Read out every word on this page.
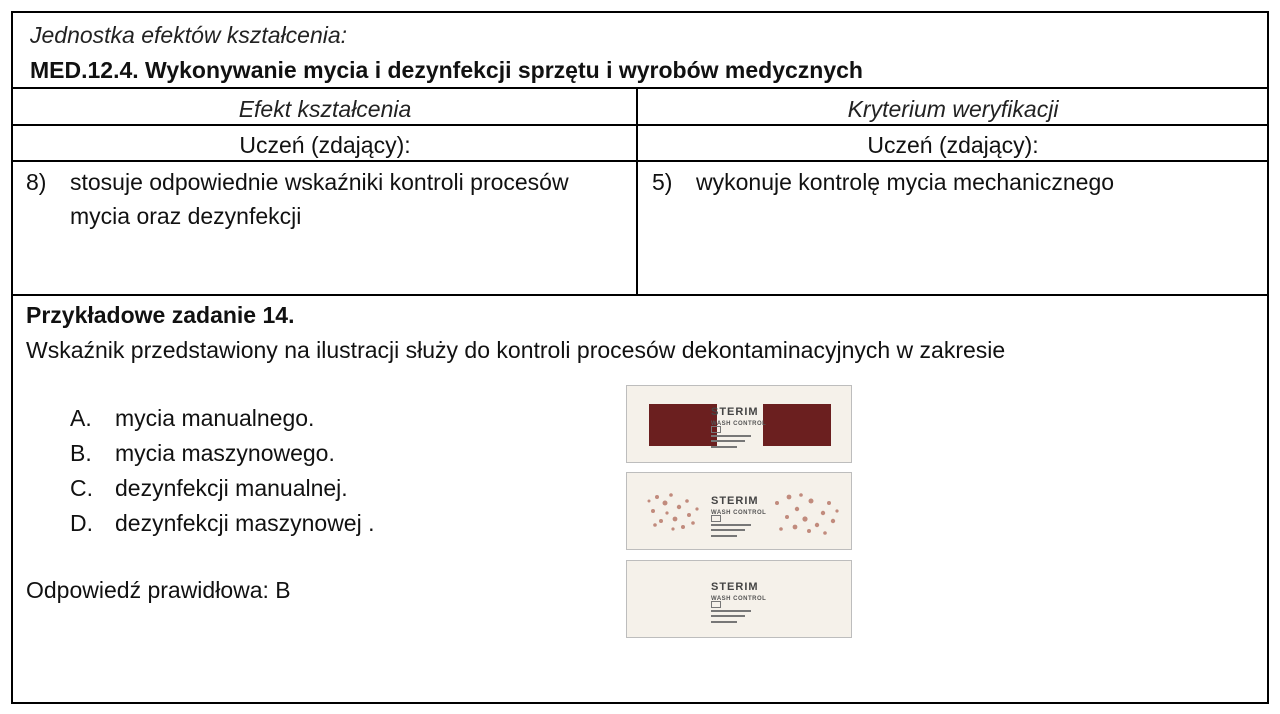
Jednostka efektów kształcenia:
MED.12.4. Wykonywanie mycia i dezynfekcji sprzętu i wyrobów medycznych
Efekt kształcenia	Kryterium weryfikacji
Uczeń (zdający):	Uczeń (zdający):
8) stosuje odpowiednie wskaźniki kontroli procesów
mycia oraz dezynfekcji
5) wykonuje kontrolę mycia mechanicznego
Przykładowe zadanie 14.
Wskaźnik przedstawiony na ilustracji służy do kontroli procesów dekontaminacyjnych w zakresie
A. mycia manualnego.
B. mycia maszynowego.
C. dezynfekcji manualnej.
D. dezynfekcji maszynowej .
Odpowiedź prawidłowa: B
STERIM
WASH CONTROL
STERIM
WASH CONTROL
STERIM
WASH CONTROL
